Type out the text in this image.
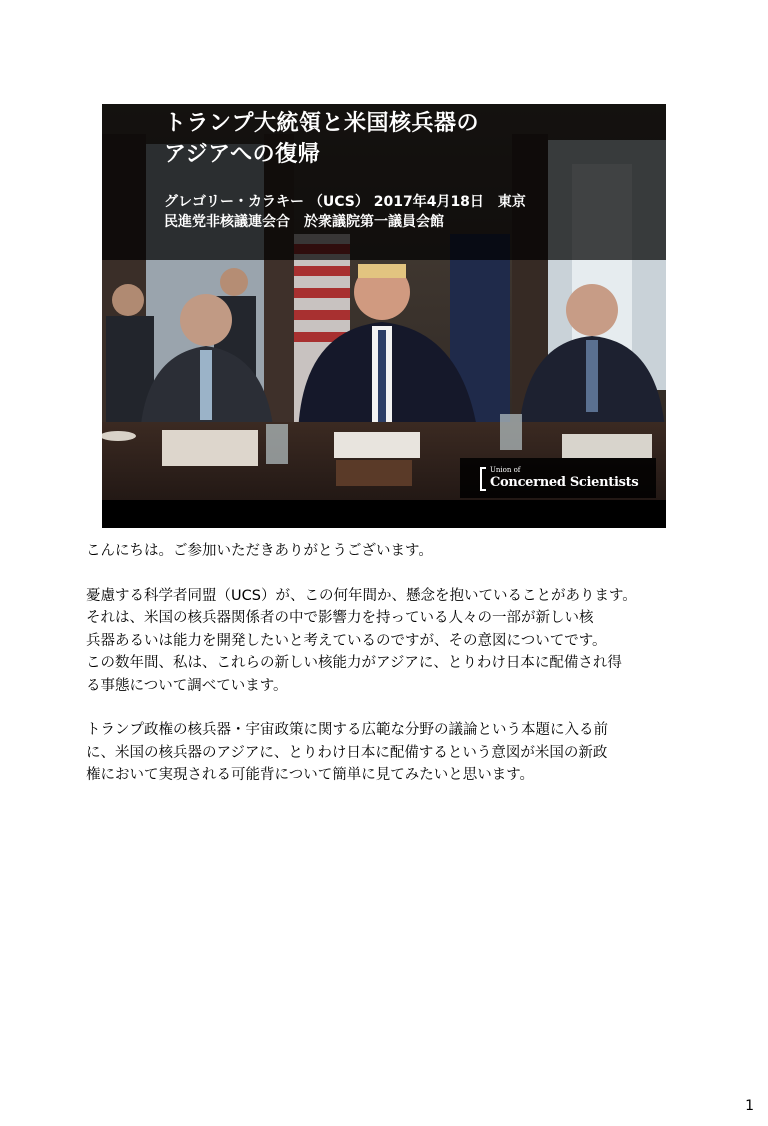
トランプ大統領と米国核兵器の
アジアへの復帰
グレゴリー・カラキー （UCS） 2017年4月18日　東京
民進党非核議連会合　於衆議院第一議員会館
Union of
Concerned Scientists

こんにちは。ご参加いただきありがとうございます。

憂慮する科学者同盟（UCS）が、この何年間か、懸念を抱いていることがあります。
それは、米国の核兵器関係者の中で影響力を持っている人々の一部が新しい核
兵器あるいは能力を開発したいと考えているのですが、その意図についてです。
この数年間、私は、これらの新しい核能力がアジアに、とりわけ日本に配備され得
る事態について調べています。

トランプ政権の核兵器・宇宙政策に関する広範な分野の議論という本題に入る前
に、米国の核兵器のアジアに、とりわけ日本に配備するという意図が米国の新政
権において実現される可能背について簡単に見てみたいと思います。

1
